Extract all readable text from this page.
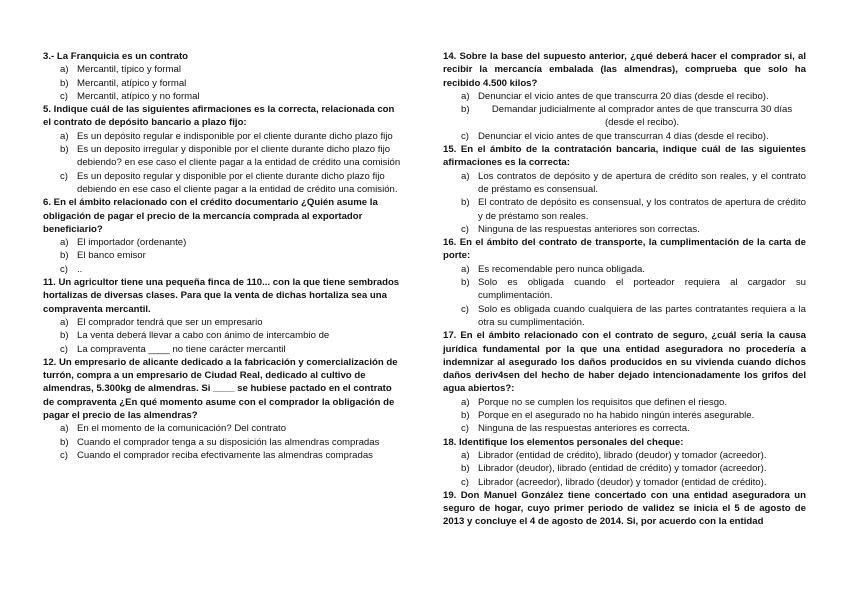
3.- La Franquicia es un contrato

a) Mercantil, típico y formal
b) Mercantil, atípico y formal
c) Mercantil, atípico y no formal

5. Indique cuál de las siguientes afirmaciones es la correcta, relacionada con el contrato de depósito bancario a plazo fijo:

a) Es un depósito regular e indisponible por el cliente durante dicho plazo fijo
b) Es un deposito irregular y disponible por el cliente durante dicho plazo fijo debiendo? en ese caso el cliente pagar a la entidad de crédito una comisión
c) Es un deposito regular y disponible por el cliente durante dicho plazo fijo debiendo en ese caso el cliente pagar a la entidad de crédito una comisión.

6. En el ámbito relacionado con el crédito documentario ¿Quién asume la obligación de pagar el precio de la mercancía comprada al exportador beneficiario?

a) El importador (ordenante)
b) El banco emisor
c) ..

11. Un agricultor tiene una pequeña finca de 110... con la que tiene sembrados hortalizas de diversas clases. Para que la venta de dichas hortaliza sea una compraventa mercantil.

a) El comprador tendrá que ser un empresario
b) La venta deberá llevar a cabo con ánimo de intercambio de
c) La compraventa ____ no tiene carácter mercantil

12. Un empresario de alicante dedicado a la fabricación y comercialización de turrón, compra a un empresario de Ciudad Real, dedicado al cultivo de almendras, 5.300kg de almendras. Si ____ se hubiese pactado en el contrato de compraventa ¿En qué momento asume con el comprador la obligación de pagar el precio de las almendras?

a) En el momento de la comunicación? Del contrato
b) Cuando el comprador tenga a su disposición las almendras compradas
c) Cuando el comprador reciba efectivamente las almendras compradas

14. Sobre la base del supuesto anterior, ¿qué deberá hacer el comprador si, al recibir la mercancía embalada (las almendras), comprueba que solo ha recibido 4.500 kilos?

a) Denunciar el vicio antes de que transcurra 20 días (desde el recibo).
b)	Demandar judicialmente al comprador antes de que transcurra 30 días (desde el recibo).
c) Denunciar el vicio antes de que transcurran 4 días (desde el recibo).

15. En el ámbito de la contratación bancaria, indique cuál de las siguientes afirmaciones es la correcta:

a) Los contratos de depósito y de apertura de crédito son reales, y el contrato de préstamo es consensual.
b) El contrato de depósito es consensual, y los contratos de apertura de crédito y de préstamo son reales.
c) Ninguna de las respuestas anteriores son correctas.

16. En el ámbito del contrato de transporte, la cumplimentación de la carta de porte:

a) Es recomendable pero nunca obligada.
b) Solo es obligada cuando el porteador requiera al cargador su cumplimentación.
c) Solo es obligada cuando cualquiera de las partes contratantes requiera a la otra su cumplimentación.

17. En el ámbito relacionado con el contrato de seguro, ¿cuál sería la causa jurídica fundamental por la que una entidad aseguradora no procedería a indemnizar al asegurado los daños producidos en su vivienda cuando dichos daños deriv4sen del hecho de haber dejado intencionadamente los grifos del agua abiertos?:

a) Porque no se cumplen los requisitos que definen el riesgo.
b) Porque en el asegurado no ha habido ningún interés asegurable.
c) Ninguna de las respuestas anteriores es correcta.

18. Identifique los elementos personales del cheque:

a) Librador (entidad de crédito), librado (deudor) y tomador (acreedor).
b) Librador (deudor), librado (entidad de crédito) y tomador (acreedor).
c) Librador (acreedor), librado (deudor) y tomador (entidad de crédito).

19. Don Manuel González tiene concertado con una entidad aseguradora un seguro de hogar, cuyo primer periodo de validez se inicia el 5 de agosto de 2013 y concluye el 4 de agosto de 2014. Si, por acuerdo con la entidad
